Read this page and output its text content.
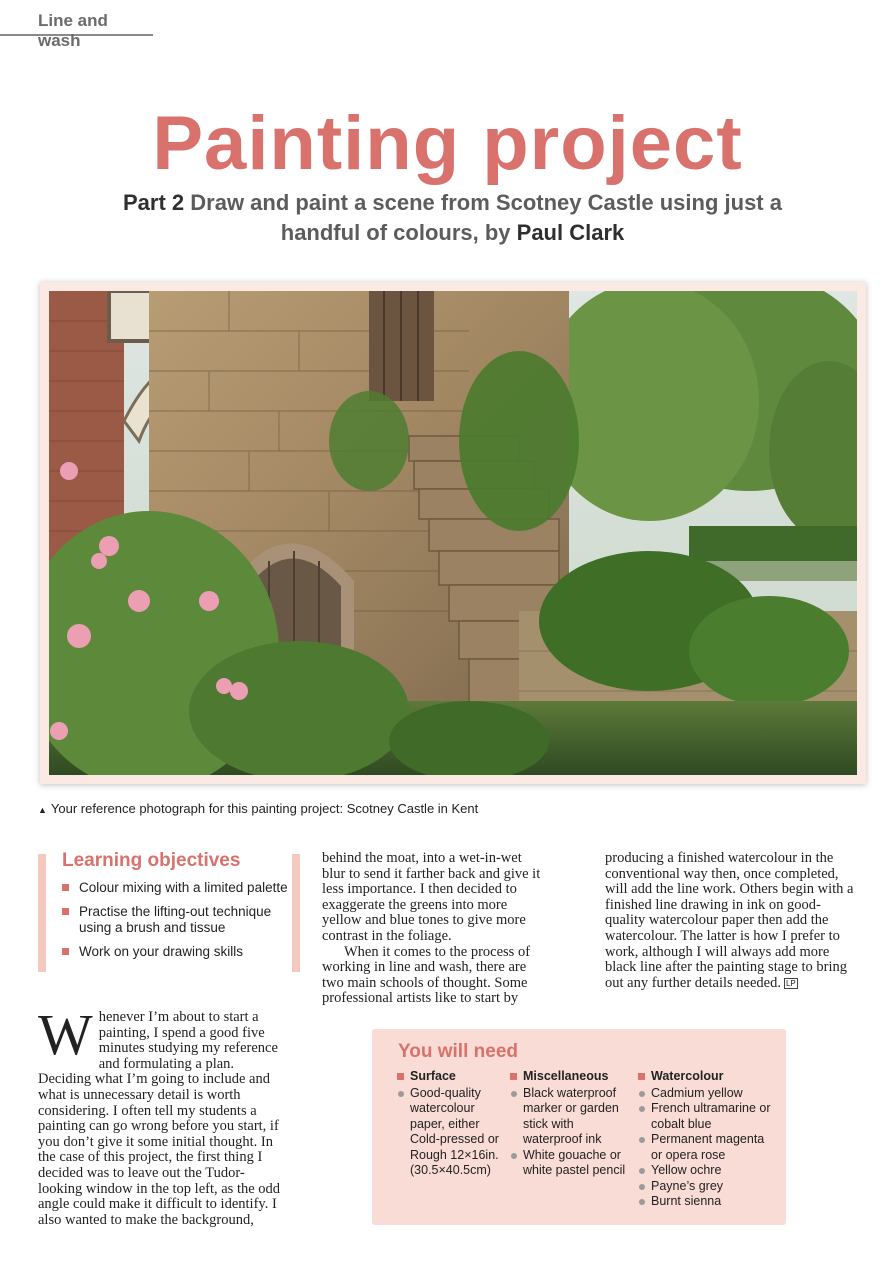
Line and wash
Painting project
Part 2 Draw and paint a scene from Scotney Castle using just a handful of colours, by Paul Clark
▲ Your reference photograph for this painting project: Scotney Castle in Kent
Learning objectives
Colour mixing with a limited palette
Practise the lifting-out technique using a brush and tissue
Work on your drawing skills
Whenever I’m about to start a painting, I spend a good five minutes studying my reference and formulating a plan. Deciding what I’m going to include and what is unnecessary detail is worth considering. I often tell my students a painting can go wrong before you start, if you don’t give it some initial thought. In the case of this project, the first thing I decided was to leave out the Tudor-looking window in the top left, as the odd angle could make it difficult to identify. I also wanted to make the background,

behind the moat, into a wet-in-wet blur to send it farther back and give it less importance. I then decided to exaggerate the greens into more yellow and blue tones to give more contrast in the foliage.

When it comes to the process of working in line and wash, there are two main schools of thought. Some professional artists like to start by

producing a finished watercolour in the conventional way then, once completed, will add the line work. Others begin with a finished line drawing in ink on good-quality watercolour paper then add the watercolour. The latter is how I prefer to work, although I will always add more black line after the painting stage to bring out any further details needed. LP
You will need
Surface
Good-quality watercolour paper, either Cold-pressed or Rough 12×16in. (30.5×40.5cm)
Miscellaneous
Black waterproof marker or garden stick with waterproof ink
White gouache or white pastel pencil
Watercolour
Cadmium yellow
French ultramarine or cobalt blue
Permanent magenta or opera rose
Yellow ochre
Payne’s grey
Burnt sienna
